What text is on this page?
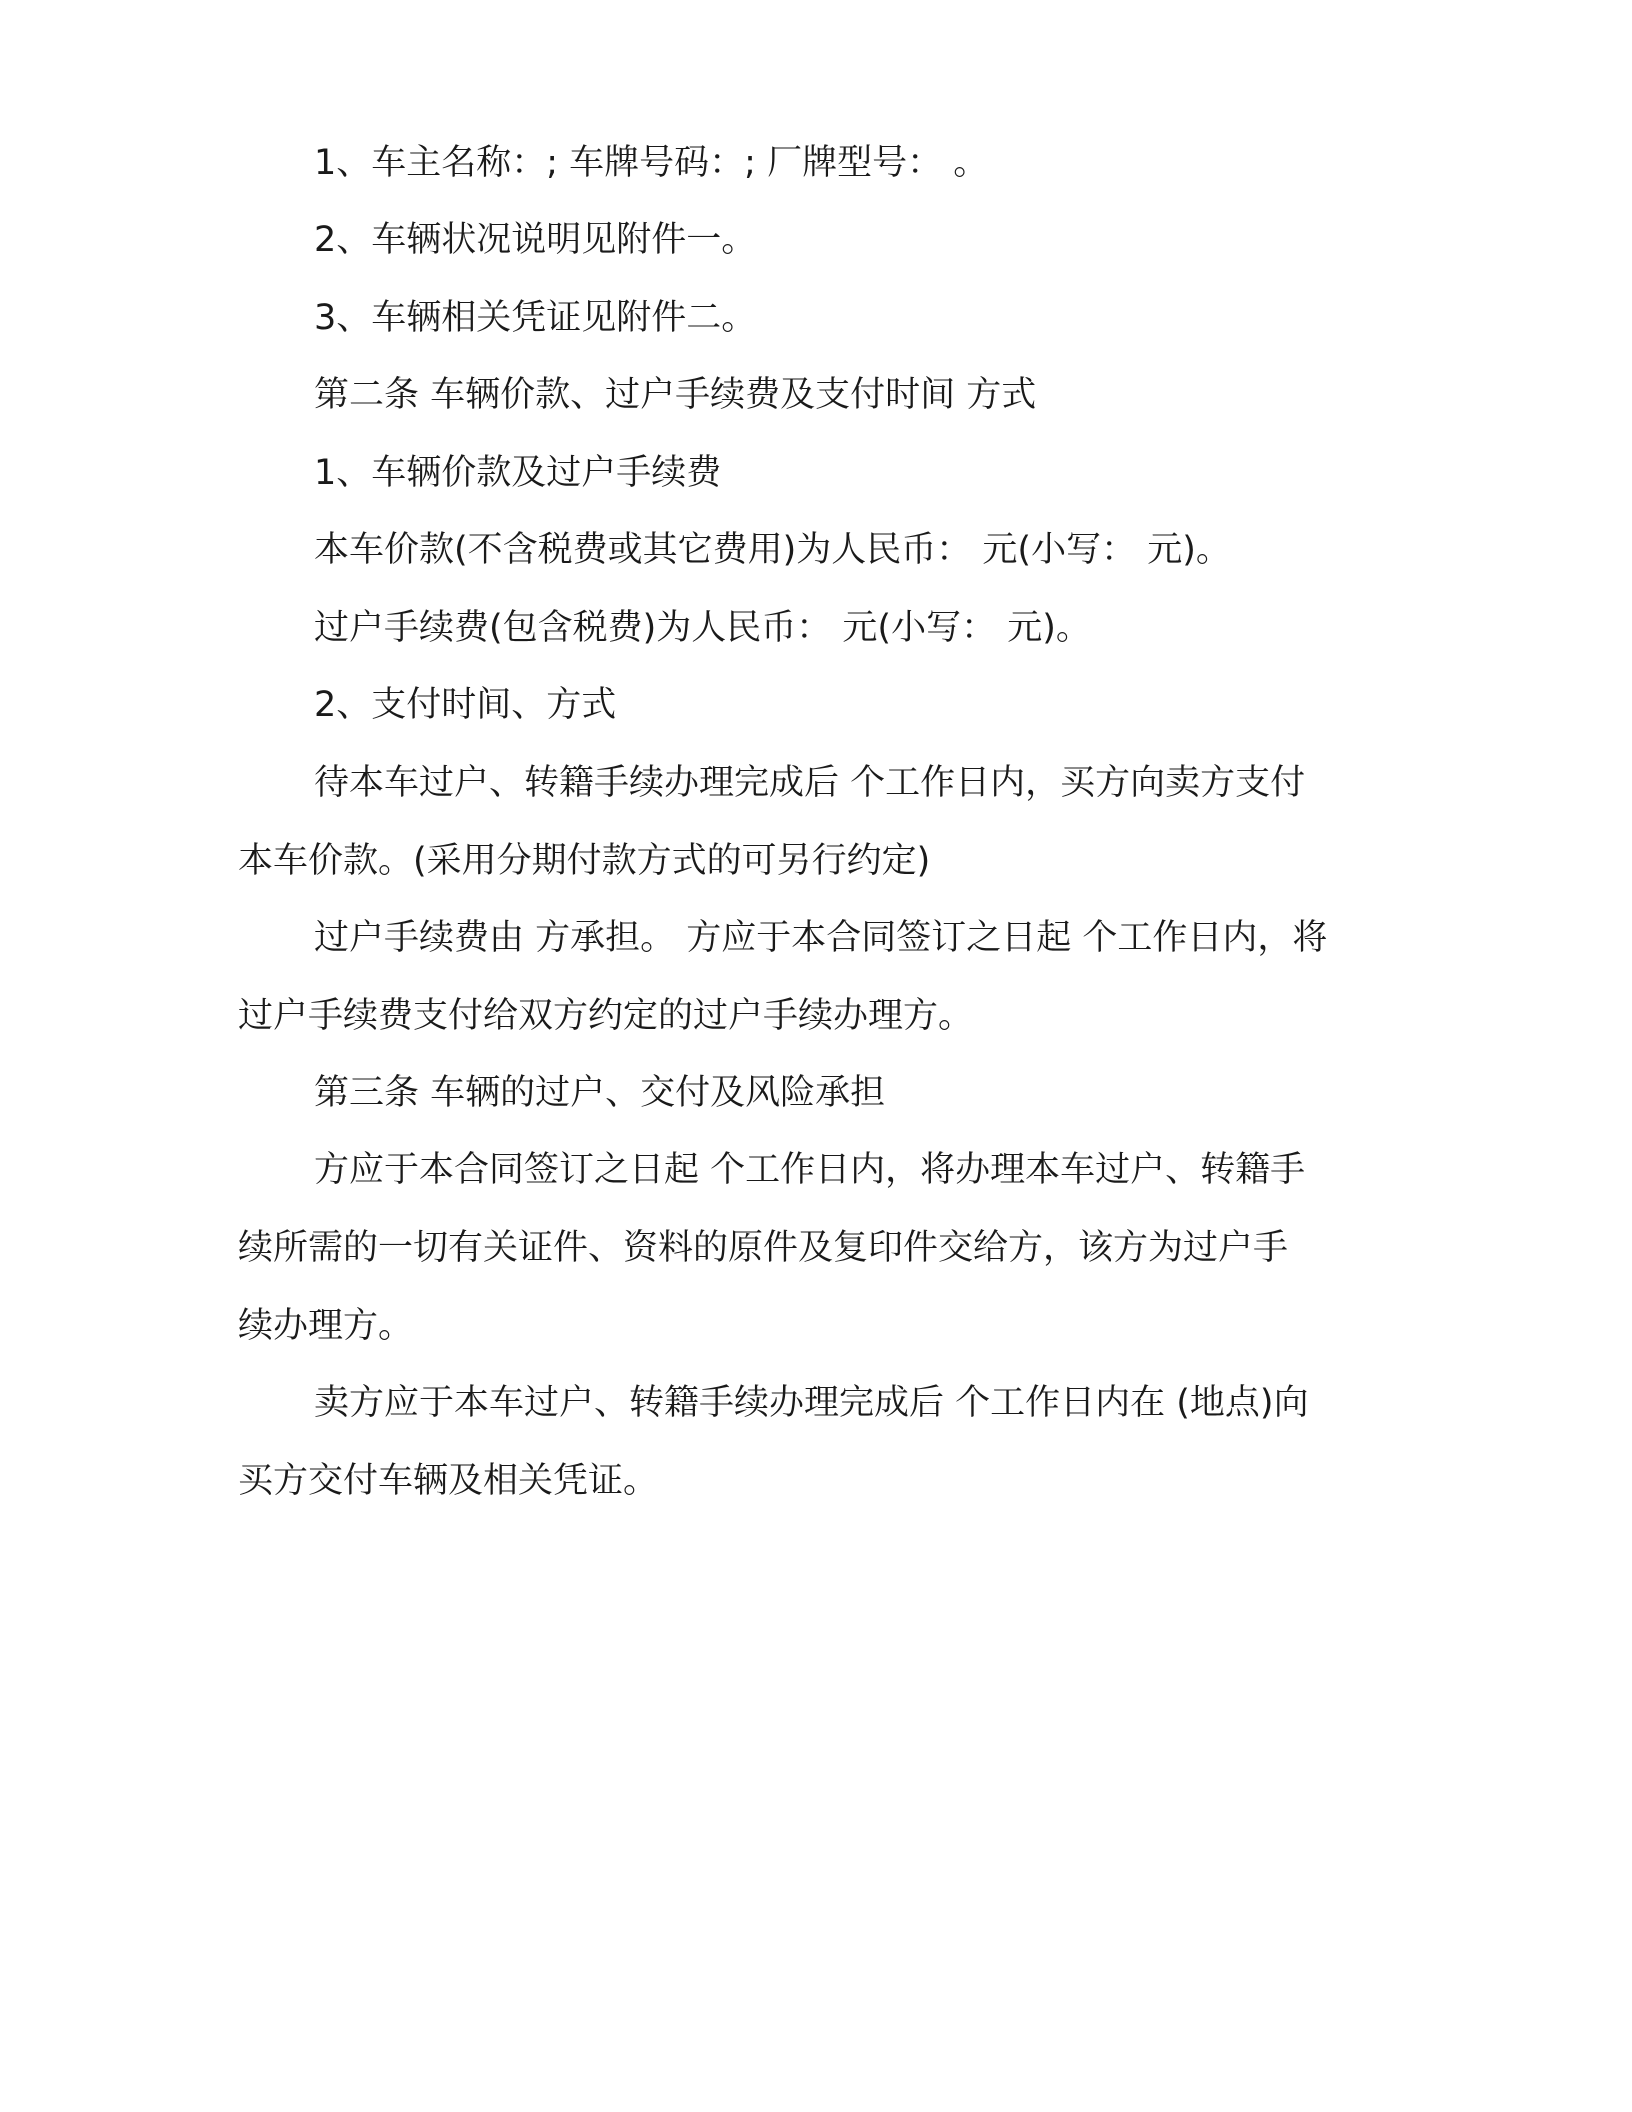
1、车主名称：; 车牌号码：; 厂牌型号： 。

2、车辆状况说明见附件一。

3、车辆相关凭证见附件二。

第二条 车辆价款、过户手续费及支付时间 方式

1、车辆价款及过户手续费

本车价款(不含税费或其它费用)为人民币： 元(小写： 元)。

过户手续费(包含税费)为人民币： 元(小写： 元)。

2、支付时间、方式

待本车过户、转籍手续办理完成后 个工作日内，买方向卖方支付
本车价款。(采用分期付款方式的可另行约定)
过户手续费由 方承担。 方应于本合同签订之日起 个工作日内，将
过户手续费支付给双方约定的过户手续办理方。

第三条 车辆的过户、交付及风险承担

方应于本合同签订之日起 个工作日内，将办理本车过户、转籍手
续所需的一切有关证件、资料的原件及复印件交给方，该方为过户手
续办理方。
卖方应于本车过户、转籍手续办理完成后 个工作日内在 (地点)向
买方交付车辆及相关凭证。
